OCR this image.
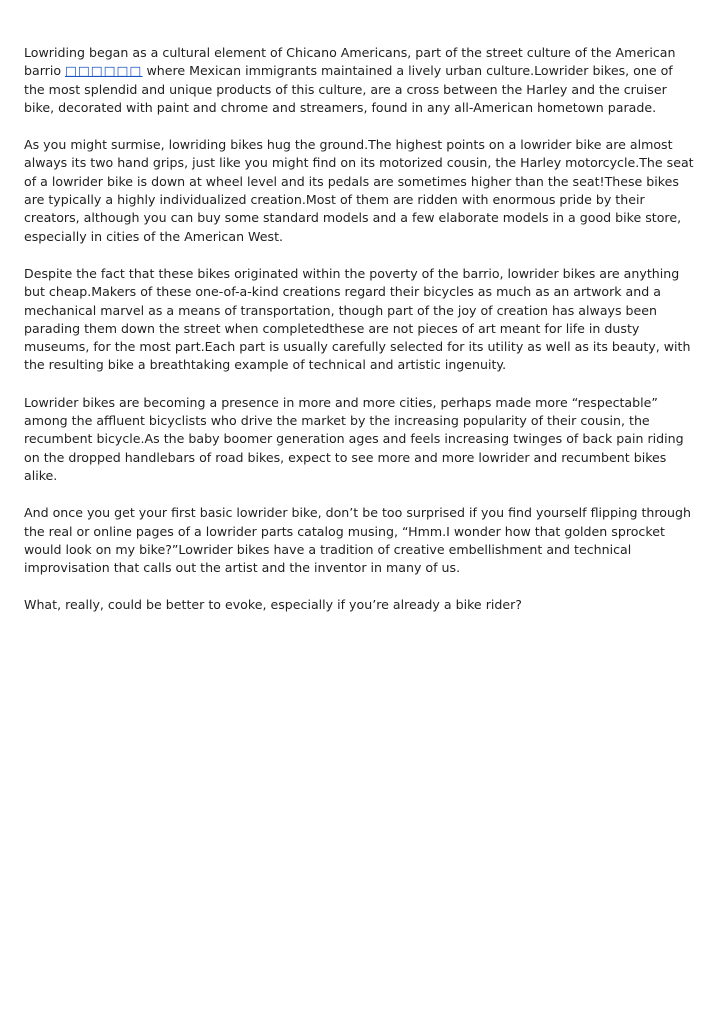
Lowriding began as a cultural element of Chicano Americans, part of the street culture of the American barrio □□□□□□ where Mexican immigrants maintained a lively urban culture.Lowrider bikes, one of the most splendid and unique products of this culture, are a cross between the Harley and the cruiser bike, decorated with paint and chrome and streamers, found in any all-American hometown parade.

As you might surmise, lowriding bikes hug the ground.The highest points on a lowrider bike are almost always its two hand grips, just like you might find on its motorized cousin, the Harley motorcycle.The seat of a lowrider bike is down at wheel level and its pedals are sometimes higher than the seat!These bikes are typically a highly individualized creation.Most of them are ridden with enormous pride by their creators, although you can buy some standard models and a few elaborate models in a good bike store, especially in cities of the American West.

Despite the fact that these bikes originated within the poverty of the barrio, lowrider bikes are anything but cheap.Makers of these one-of-a-kind creations regard their bicycles as much as an artwork and a mechanical marvel as a means of transportation, though part of the joy of creation has always been parading them down the street when completedthese are not pieces of art meant for life in dusty museums, for the most part.Each part is usually carefully selected for its utility as well as its beauty, with the resulting bike a breathtaking example of technical and artistic ingenuity.

Lowrider bikes are becoming a presence in more and more cities, perhaps made more “respectable” among the affluent bicyclists who drive the market by the increasing popularity of their cousin, the recumbent bicycle.As the baby boomer generation ages and feels increasing twinges of back pain riding on the dropped handlebars of road bikes, expect to see more and more lowrider and recumbent bikes alike.

And once you get your first basic lowrider bike, don’t be too surprised if you find yourself flipping through the real or online pages of a lowrider parts catalog musing, “Hmm.I wonder how that golden sprocket would look on my bike?”Lowrider bikes have a tradition of creative embellishment and technical improvisation that calls out the artist and the inventor in many of us.

What, really, could be better to evoke, especially if you’re already a bike rider?
